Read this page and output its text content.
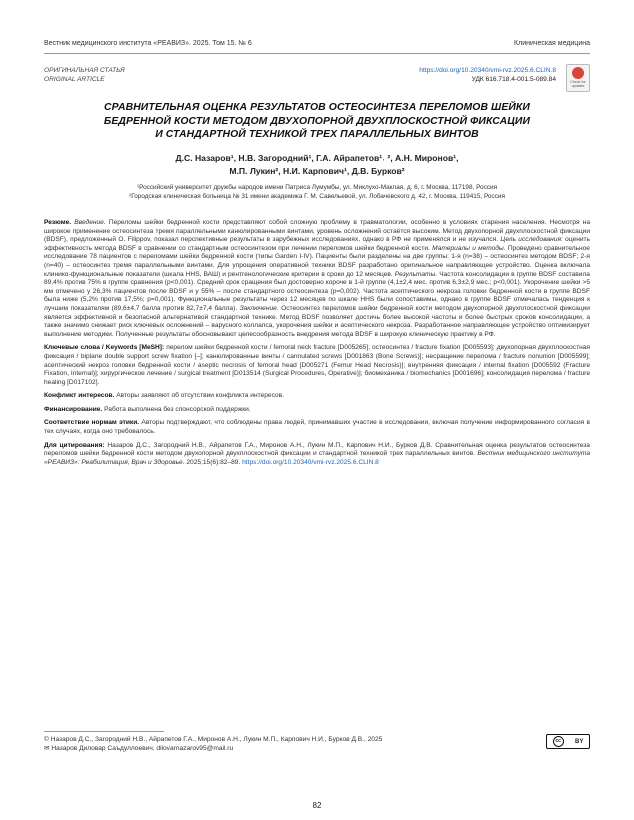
Вестник медицинского института «РЕАВИЗ». 2025. Том 15. № 6	Клиническая медицина
ОРИГИНАЛЬНАЯ СТАТЬЯ
ORIGINAL ARTICLE
https://doi.org/10.20340/vmi-rvz.2025.6.CLIN.8
УДК 616.718.4-001.5-089.84	Check for updates
СРАВНИТЕЛЬНАЯ ОЦЕНКА РЕЗУЛЬТАТОВ ОСТЕОСИНТЕЗА ПЕРЕЛОМОВ ШЕЙКИ
БЕДРЕННОЙ КОСТИ МЕТОДОМ ДВУХОПОРНОЙ ДВУХПЛОСКОСТНОЙ ФИКСАЦИИ
И СТАНДАРТНОЙ ТЕХНИКОЙ ТРЕХ ПАРАЛЛЕЛЬНЫХ ВИНТОВ
Д.С. Назаров¹, Н.В. Загородний¹, Г.А. Айрапетов¹˒ ², А.Н. Миронов¹,
М.П. Лукин², Н.И. Карпович¹, Д.В. Бурков²
¹Российский университет дружбы народов имени Патриса Лумумбы, ул. Миклухо-Маклая, д. 6, г. Москва, 117198, Россия
²Городская клиническая больница № 31 имени академика Г. М. Савельевой, ул. Лобачевского д. 42, г. Москва, 119415, Россия

Резюме. Введение. Переломы шейки бедренной кости представляют собой сложную проблему в травматологии, особенно в условиях старения населения. Несмотря на широкое применение остеосинтеза тремя параллельными канюлированными винтами, уровень осложнений остаётся высоким. Метод двухопорной двухплоскостной фиксации (BDSF), предложенный O. Filippov, показал перспективные результаты в зарубежных исследованиях, однако в РФ не применялся и не изучался. Цель исследования: оценить эффективность метода BDSF в сравнении со стандартным остеосинтезом при лечении переломов шейки бедренной кости. Материалы и методы. Проведено сравнительное исследование 78 пациентов с переломами шейки бедренной кости (типы Garden I-IV). Пациенты были разделены на две группы: 1-я (n=38) – остеосинтез методом BDSF; 2-я (n=40) – остеосинтез тремя параллельными винтами. Для упрощения оперативной техники BDSF разработано оригинальное направляющее устройство. Оценка включала клинико-функциональные показатели (шкала HHS, ВАШ) и рентгенологические критерии в сроки до 12 месяцев. Результаты. Частота консолидации в группе BDSF составила 89,4% против 75% в группе сравнения (p<0,001). Средний срок сращения был достоверно короче в 1-й группе (4,1±2,4 мес. против 6,3±2,9 мес.; p<0,001). Укорочение шейки >5 мм отмечено у 26,3% пациентов после BDSF и у 55% – после стандартного остеосинтеза (p=0,002). Частота асептического некроза головки бедренной кости в группе BDSF была ниже (5,2% против 17,5%; p=0,001). Функциональные результаты через 12 месяцев по шкале HHS были сопоставимы, однако в группе BDSF отмечалась тенденция к лучшим показателям (89,6±4,7 балла против 82,7±7,4 балла). Заключение. Остеосинтез переломов шейки бедренной кости методом двухопорной двухплоскостной фиксации является эффективной и безопасной альтернативой стандартной технике. Метод BDSF позволяет достичь более высокой частоты и более быстрых сроков консолидации, а также значимо снижает риск ключевых осложнений – варусного коллапса, укорочения шейки и асептического некроза. Разработанное направляющее устройство оптимизирует выполнение методики. Полученные результаты обосновывают целесообразность внедрения метода BDSF в широкую клиническую практику в РФ.

Ключевые слова / Keywords [MeSH]: перелом шейки бедренной кости / femoral neck fracture [D005265]; остеосинтез / fracture fixation [D005593]; двухопорная двухплоскостная фиксация / biplane double support screw fixation [–]; канюлированные винты / cannulated screws [D001863 (Bone Screws)]; несращение перелома / fracture nonunion [D005599]; асептический некроз головки бедренной кости / aseptic necrosis of femoral head [D005271 (Femur Head Necrosis)]; внутренняя фиксация / internal fixation [D005592 (Fracture Fixation, Internal)]; хирургическое лечение / surgical treatment [D013514 (Surgical Procedures, Operative)]; биомеханика / biomechanics [D001696]; консолидация перелома / fracture healing [D017102].

Конфликт интересов. Авторы заявляют об отсутствии конфликта интересов.

Финансирование. Работа выполнена без спонсорской поддержки.

Соответствие нормам этики. Авторы подтверждают, что соблюдены права людей, принимавших участие в исследовании, включая получение информированного согласия в тех случаях, когда оно требовалось.

Для цитирования: Назаров Д.С., Загородний Н.В., Айрапетов Г.А., Миронов А.Н., Лукин М.П., Карпович Н.И., Бурков Д.В. Сравнительная оценка результатов остеосинтеза переломов шейки бедренной кости методом двухопорной двухплоскостной фиксации и стандартной техникой трех параллельных винтов. Вестник медицинского института «РЕАВИЗ»: Реабилитация, Врач и Здоровье. 2025;15(6):82–89. https://doi.org/10.20340/vmi-rvz.2025.6.CLIN.8

© Назаров Д.С., Загородний Н.В., Айрапетов Г.А., Миронов А.Н., Лукин М.П., Карпович Н.И., Бурков Д.В., 2025
✉ Назаров Диловар Саъдуллоевич, dilovarnazarov95@mail.ru
cc	BY
82
